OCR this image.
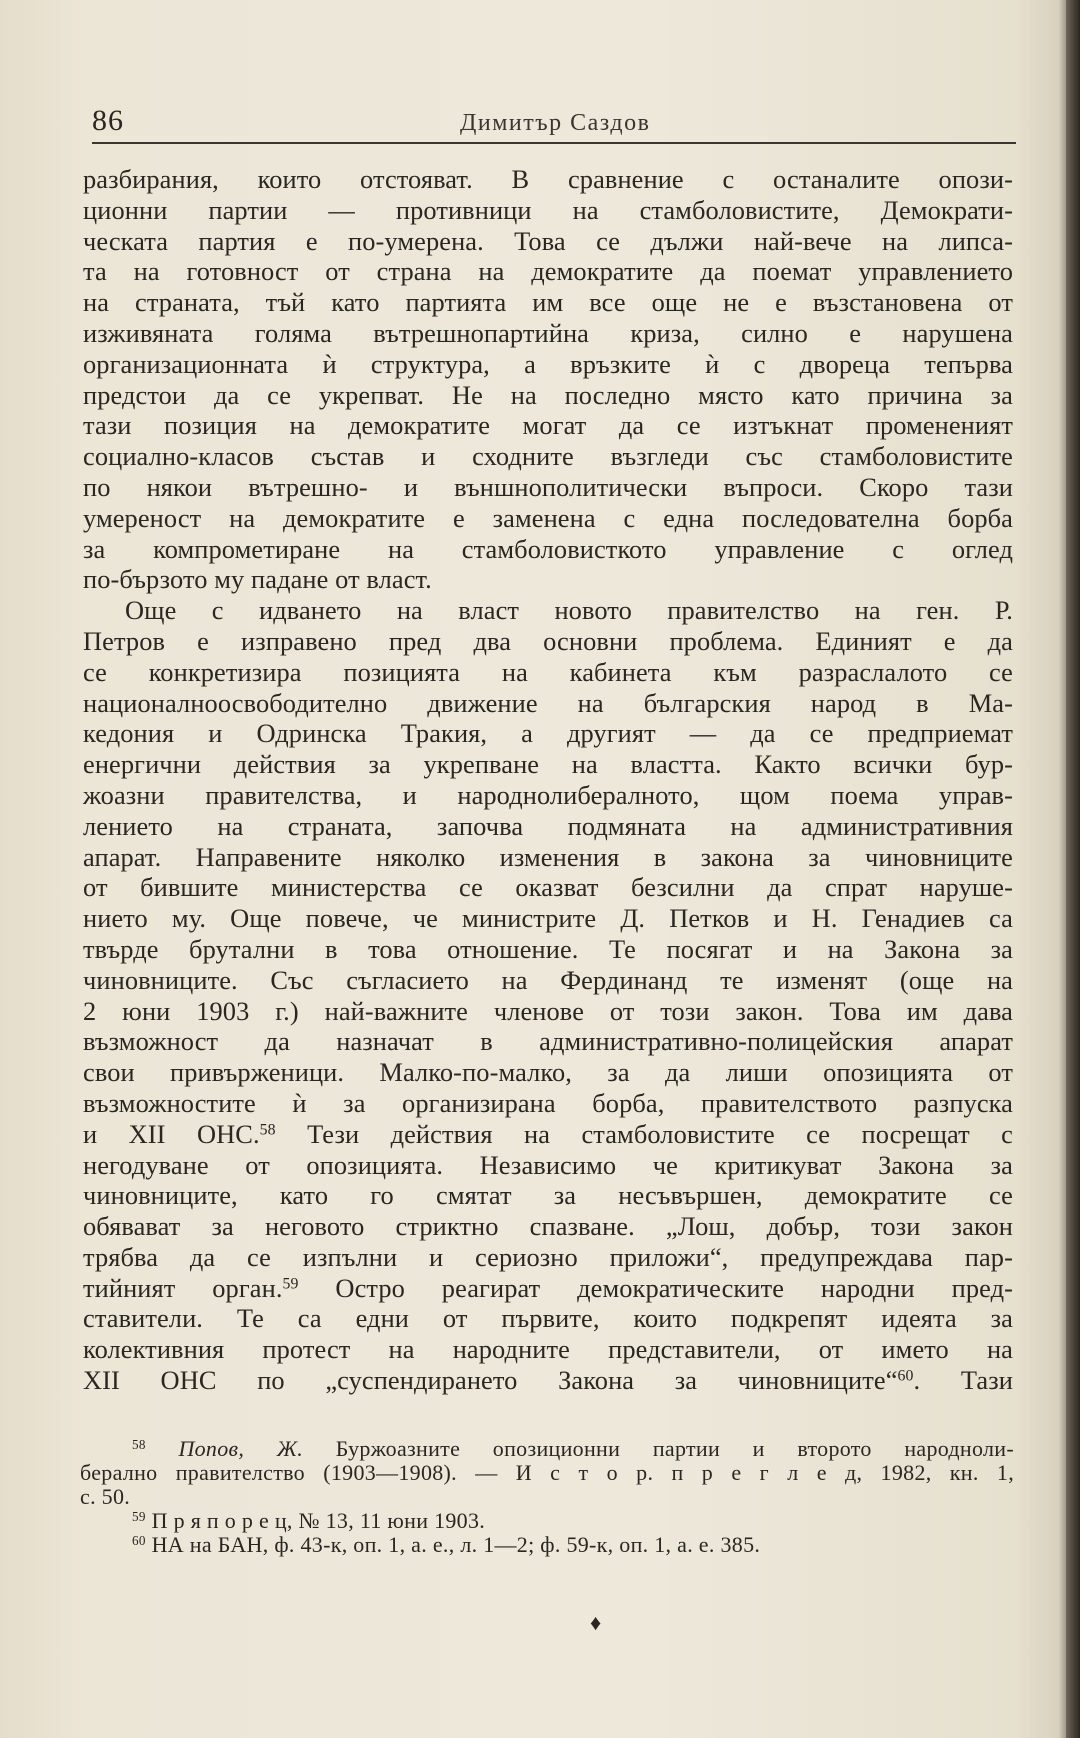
86	Димитър Саздов
разбирания, които отстояват. В сравнение с останалите опози-
ционни партии — противници на стамболовистите, Демократи-
ческата партия е по-умерена. Това се дължи най-вече на липса-
та на готовност от страна на демократите да поемат управлението
на страната, тъй като партията им все още не е възстановена от
изживяната голяма вътрешнопартийна криза, силно е нарушена
организационната ѝ структура, а връзките ѝ с двореца тепърва
предстои да се укрепват. Не на последно място като причина за
тази позиция на демократите могат да се изтъкнат промененият
социално-класов състав и сходните възгледи със стамболовистите
по някои вътрешно- и външнополитически въпроси. Скоро тази
умереност на демократите е заменена с една последователна борба
за компрометиране на стамболовисткото управление с оглед
по-бързото му падане от власт.
Още с идването на власт новото правителство на ген. Р.
Петров е изправено пред два основни проблема. Единият е да
се конкретизира позицията на кабинета към разраслалото се
националноосвободително движение на българския народ в Ма-
кедония и Одринска Тракия, а другият — да се предприемат
енергични действия за укрепване на властта. Както всички бур-
жоазни правителства, и народнолибералното, щом поема управ-
лението на страната, започва подмяната на административния
апарат. Направените няколко изменения в закона за чиновниците
от бившите министерства се оказват безсилни да спрат наруше-
нието му. Още повече, че министрите Д. Петков и Н. Генадиев са
твърде брутални в това отношение. Те посягат и на Закона за
чиновниците. Със съгласието на Фердинанд те изменят (още на
2 юни 1903 г.) най-важните членове от този закон. Това им дава
възможност да назначат в административно-полицейския апарат
свои привърженици. Малко-по-малко, за да лиши опозицията от
възможностите ѝ за организирана борба, правителството разпуска
и XII ОНС.$^{58}$ Тези действия на стамболовистите се посрещат с
негодуване от опозицията. Независимо че критикуват Закона за
чиновниците, като го смятат за несъвършен, демократите се
обявават за неговото стриктно спазване. „Лош, добър, този закон
трябва да се изпълни и сериозно приложи“, предупреждава пар-
тийният орган.$^{59}$ Остро реагират демократическите народни пред-
ставители. Те са едни от първите, които подкрепят идеята за
колективния протест на народните представители, от името на
XII ОНС по „суспендирането Закона за чиновниците“$^{60}$. Тази
$^{58}$ Попов, Ж. Буржоазните опозиционни партии и второто народноли-
берално правителство (1903—1908). — И с т о р. п р е г л е д, 1982, кн. 1,
с. 50.
$^{59}$ П р я п о р е ц, № 13, 11 юни 1903.
$^{60}$ НА на БАН, ф. 43-к, оп. 1, а. е., л. 1—2; ф. 59-к, оп. 1, а. е. 385.
♦
